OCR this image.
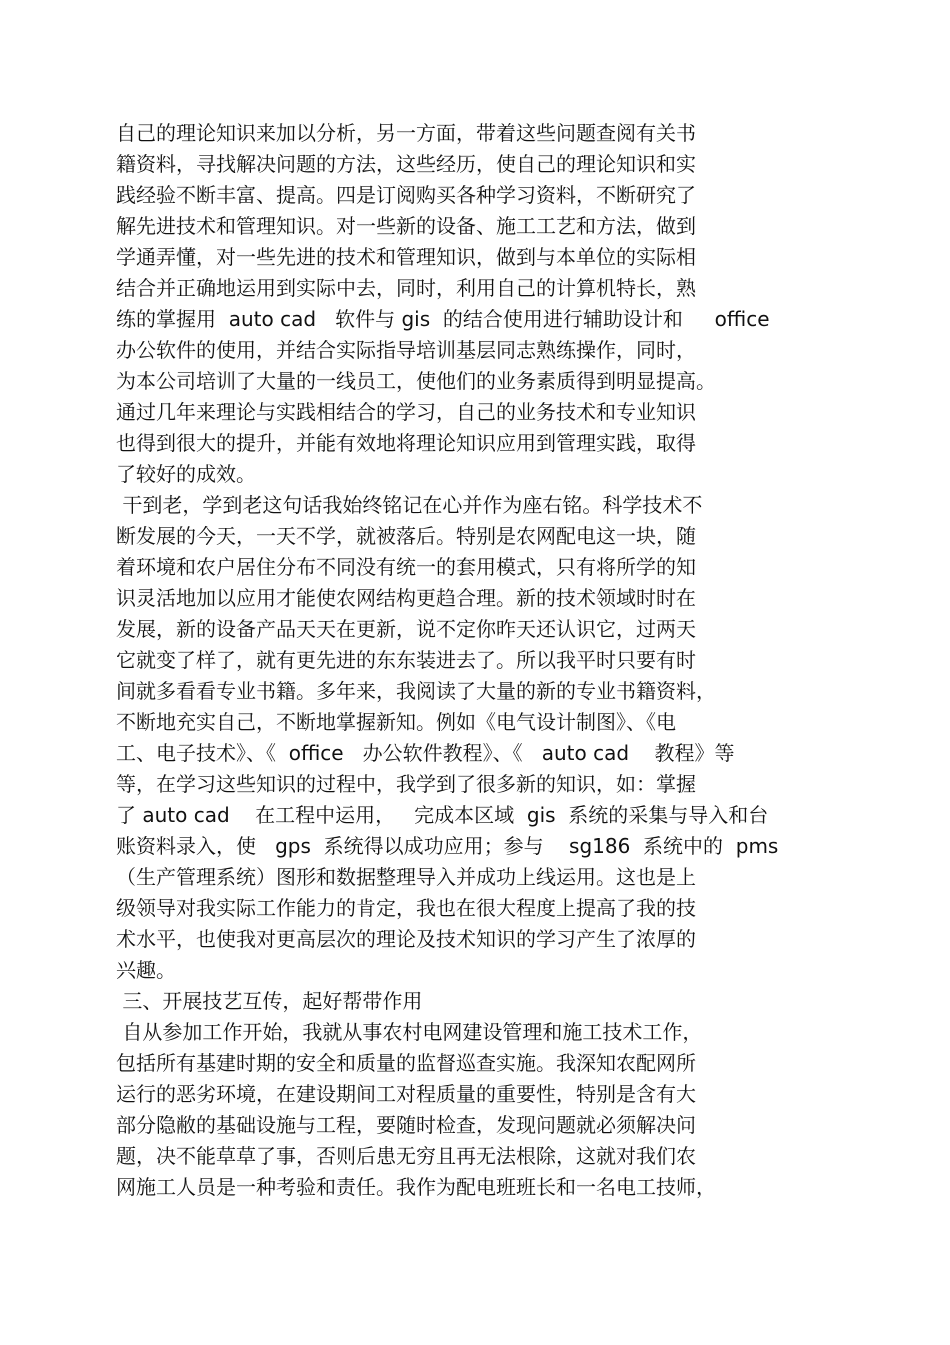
自己的理论知识来加以分析，另一方面，带着这些问题查阅有关书
籍资料，寻找解决问题的方法，这些经历，使自己的理论知识和实
践经验不断丰富、提高。四是订阅购买各种学习资料，不断研究了
解先进技术和管理知识。对一些新的设备、施工工艺和方法，做到
学通弄懂，对一些先进的技术和管理知识，做到与本单位的实际相
结合并正确地运用到实际中去，同时，利用自己的计算机特长，熟
练的掌握用  auto cad   软件与 gis  的结合使用进行辅助设计和     office
办公软件的使用，并结合实际指导培训基层同志熟练操作，同时，
为本公司培训了大量的一线员工，使他们的业务素质得到明显提高。
通过几年来理论与实践相结合的学习，自己的业务技术和专业知识
也得到很大的提升，并能有效地将理论知识应用到管理实践，取得
了较好的成效。
干到老，学到老这句话我始终铭记在心并作为座右铭。科学技术不
断发展的今天，一天不学，就被落后。特别是农网配电这一块，随
着环境和农户居住分布不同没有统一的套用模式，只有将所学的知
识灵活地加以应用才能使农网结构更趋合理。新的技术领域时时在
发展，新的设备产品天天在更新，说不定你昨天还认识它，过两天
它就变了样了，就有更先进的东东装进去了。所以我平时只要有时
间就多看看专业书籍。多年来，我阅读了大量的新的专业书籍资料，
不断地充实自己，不断地掌握新知。例如《电气设计制图》、《电
工、电子技术》、《  office   办公软件教程》、《   auto cad    教程》等
等，在学习这些知识的过程中，我学到了很多新的知识，如：掌握
了 auto cad    在工程中运用，   完成本区域  gis  系统的采集与导入和台
账资料录入，使   gps  系统得以成功应用；参与    sg186  系统中的  pms
（生产管理系统）图形和数据整理导入并成功上线运用。这也是上
级领导对我实际工作能力的肯定，我也在很大程度上提高了我的技
术水平，也使我对更高层次的理论及技术知识的学习产生了浓厚的
兴趣。
三、开展技艺互传，起好帮带作用
自从参加工作开始，我就从事农村电网建设管理和施工技术工作，
包括所有基建时期的安全和质量的监督巡查实施。我深知农配网所
运行的恶劣环境，在建设期间工对程质量的重要性，特别是含有大
部分隐敝的基础设施与工程，要随时检查，发现问题就必须解决问
题，决不能草草了事，否则后患无穷且再无法根除，这就对我们农
网施工人员是一种考验和责任。我作为配电班班长和一名电工技师，
